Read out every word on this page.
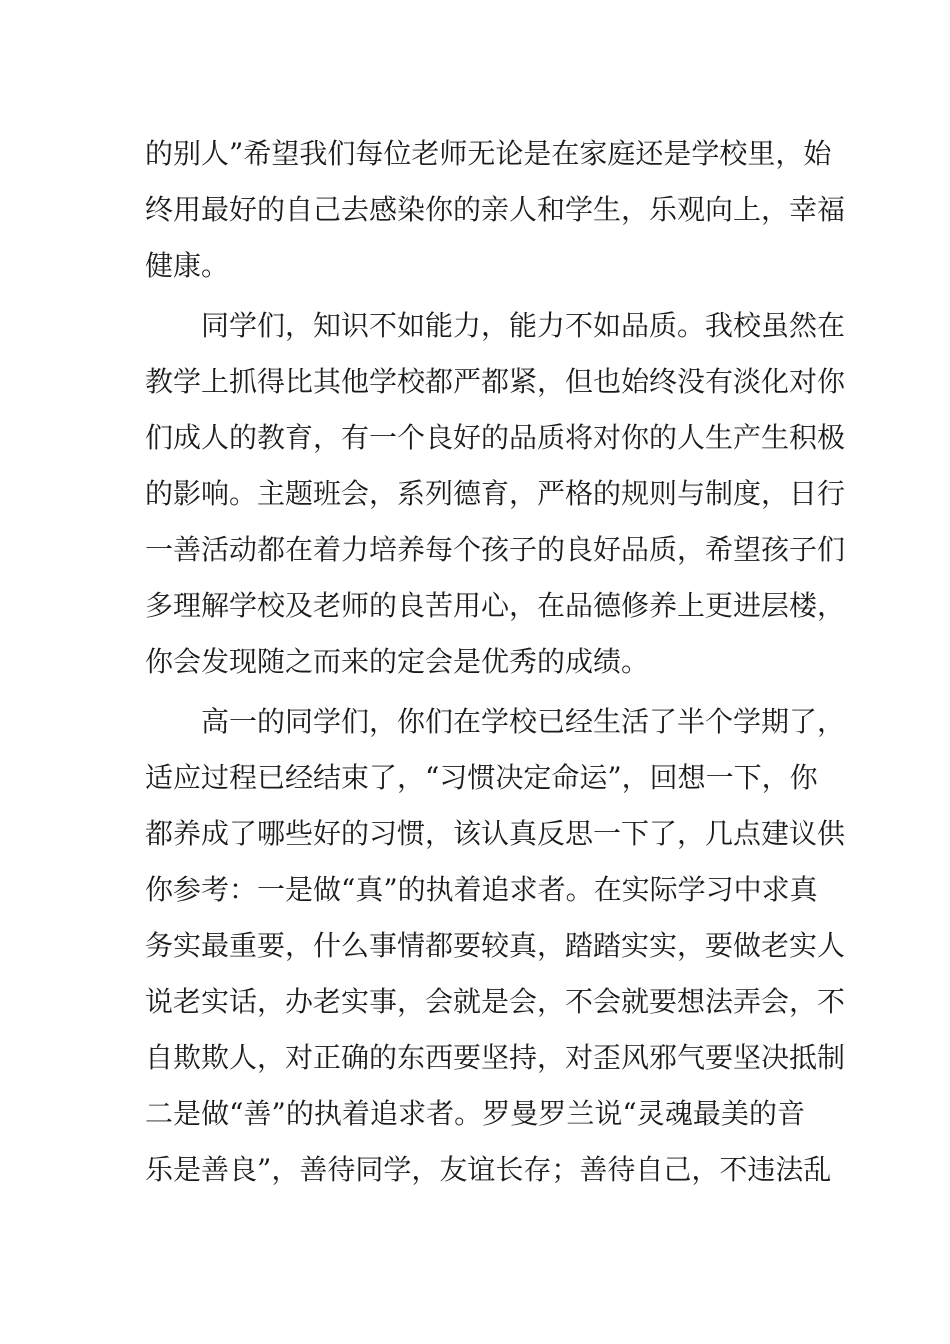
的别人”希望我们每位老师无论是在家庭还是学校里，始
终用最好的自己去感染你的亲人和学生，乐观向上，幸福
健康。
同学们，知识不如能力，能力不如品质。我校虽然在
教学上抓得比其他学校都严都紧，但也始终没有淡化对你
们成人的教育，有一个良好的品质将对你的人生产生积极
的影响。主题班会，系列德育，严格的规则与制度，日行
一善活动都在着力培养每个孩子的良好品质，希望孩子们
多理解学校及老师的良苦用心，在品德修养上更进层楼，
你会发现随之而来的定会是优秀的成绩。
高一的同学们，你们在学校已经生活了半个学期了，
适应过程已经结束了，“习惯决定命运”，回想一下，你
都养成了哪些好的习惯，该认真反思一下了，几点建议供
你参考：一是做“真”的执着追求者。在实际学习中求真
务实最重要，什么事情都要较真，踏踏实实，要做老实人
说老实话，办老实事，会就是会，不会就要想法弄会，不
自欺欺人，对正确的东西要坚持，对歪风邪气要坚决抵制
二是做“善”的执着追求者。罗曼罗兰说“灵魂最美的音
乐是善良”，善待同学，友谊长存；善待自己，不违法乱
